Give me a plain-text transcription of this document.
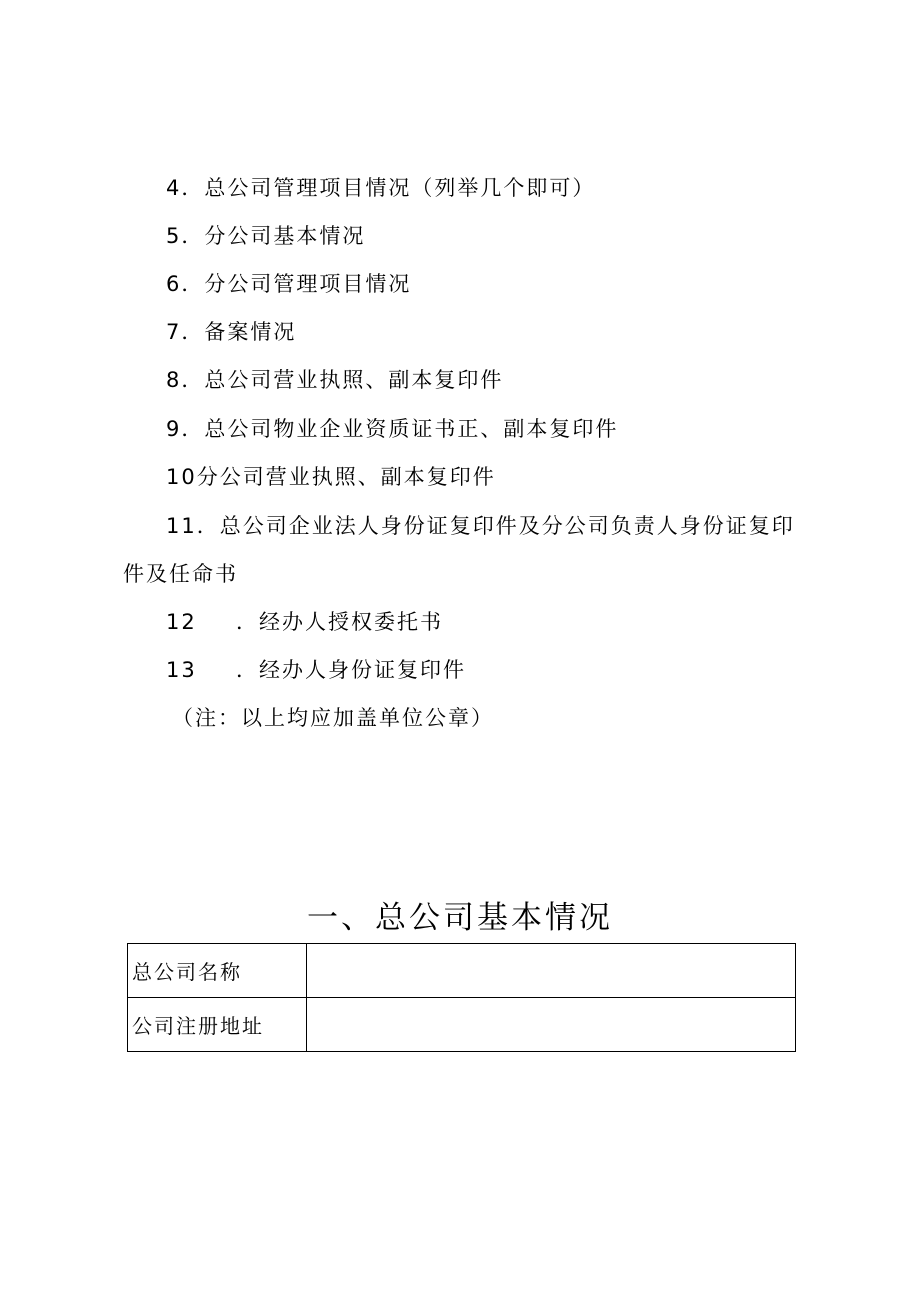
4．总公司管理项目情况（列举几个即可）
5．分公司基本情况
6．分公司管理项目情况
7．备案情况
8．总公司营业执照、副本复印件
9．总公司物业企业资质证书正、副本复印件
10分公司营业执照、副本复印件
11．总公司企业法人身份证复印件及分公司负责人身份证复印
件及任命书
12 ．经办人授权委托书
13 ．经办人身份证复印件
（注：以上均应加盖单位公章）
一、总公司基本情况
总公司名称	
公司注册地址	
